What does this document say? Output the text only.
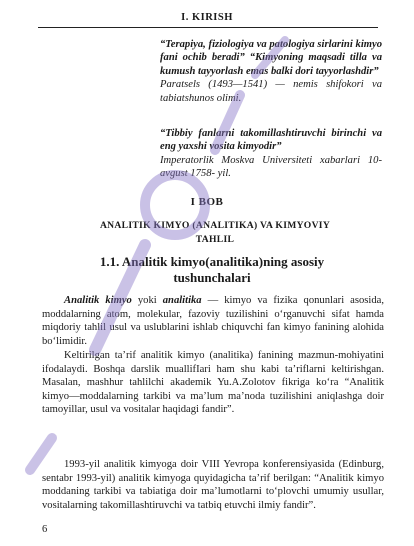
I. KIRISH
“Terapiya, fiziologiya va patologiya sirlarini kimyo fani ochib beradi” “Kimyoning maqsadi tilla va kumush tayyorlash emas balki dori tayyorlashdir”
Paratsels (1493—1541) — nemis shifokori va tabiatshunos olimi.
“Tibbiy fanlarni takomillashtiruvchi birinchi va eng yaxshi vosita kimyodir”
Imperatorlik Moskva Universiteti xabarlari 10- avgust 1758- yil.
I BOB
ANALITIK KIMYO (ANALITIKA) VA KIMYOVIY TAHLIL
1.1. Analitik kimyo(analitika)ning asosiy tushunchalari

Analitik kimyo yoki analitika — kimyo va fizika qonunlari asosida, moddalarning atom, molekular, fazoviy tuzilishini o‘rganuvchi sifat hamda miqdoriy tahlil usul va uslublarini ishlab chiquvchi fan kimyo fanining alohida bo‘limidir.

Keltirilgan ta’rif analitik kimyo (analitika) fanining mazmun-mohiyatini ifodalaydi. Boshqa darslik muallifIari ham shu kabi ta’riflarni keltirishgan. Masalan, mashhur tahlilchi akademik Yu.A.Zolotov fikriga ko‘ra “Analitik kimyo—moddalarning tarkibi va ma’lum ma’noda tuzilishini aniqlashga doir tamoyillar, usul va vositalar haqidagi fandir”.

1993-yil analitik kimyoga doir VIII Yevropa konferensiyasida (Edinburg, sentabr 1993-yil) analitik kimyoga quyidagicha ta’rif berilgan: “Analitik kimyo moddaning tarkibi va tabiatiga doir ma’lumotlarni to‘plovchi umumiy usullar, vositalarning takomillashtiruvchi va tatbiq etuvchi ilmiy fandir”.

6
